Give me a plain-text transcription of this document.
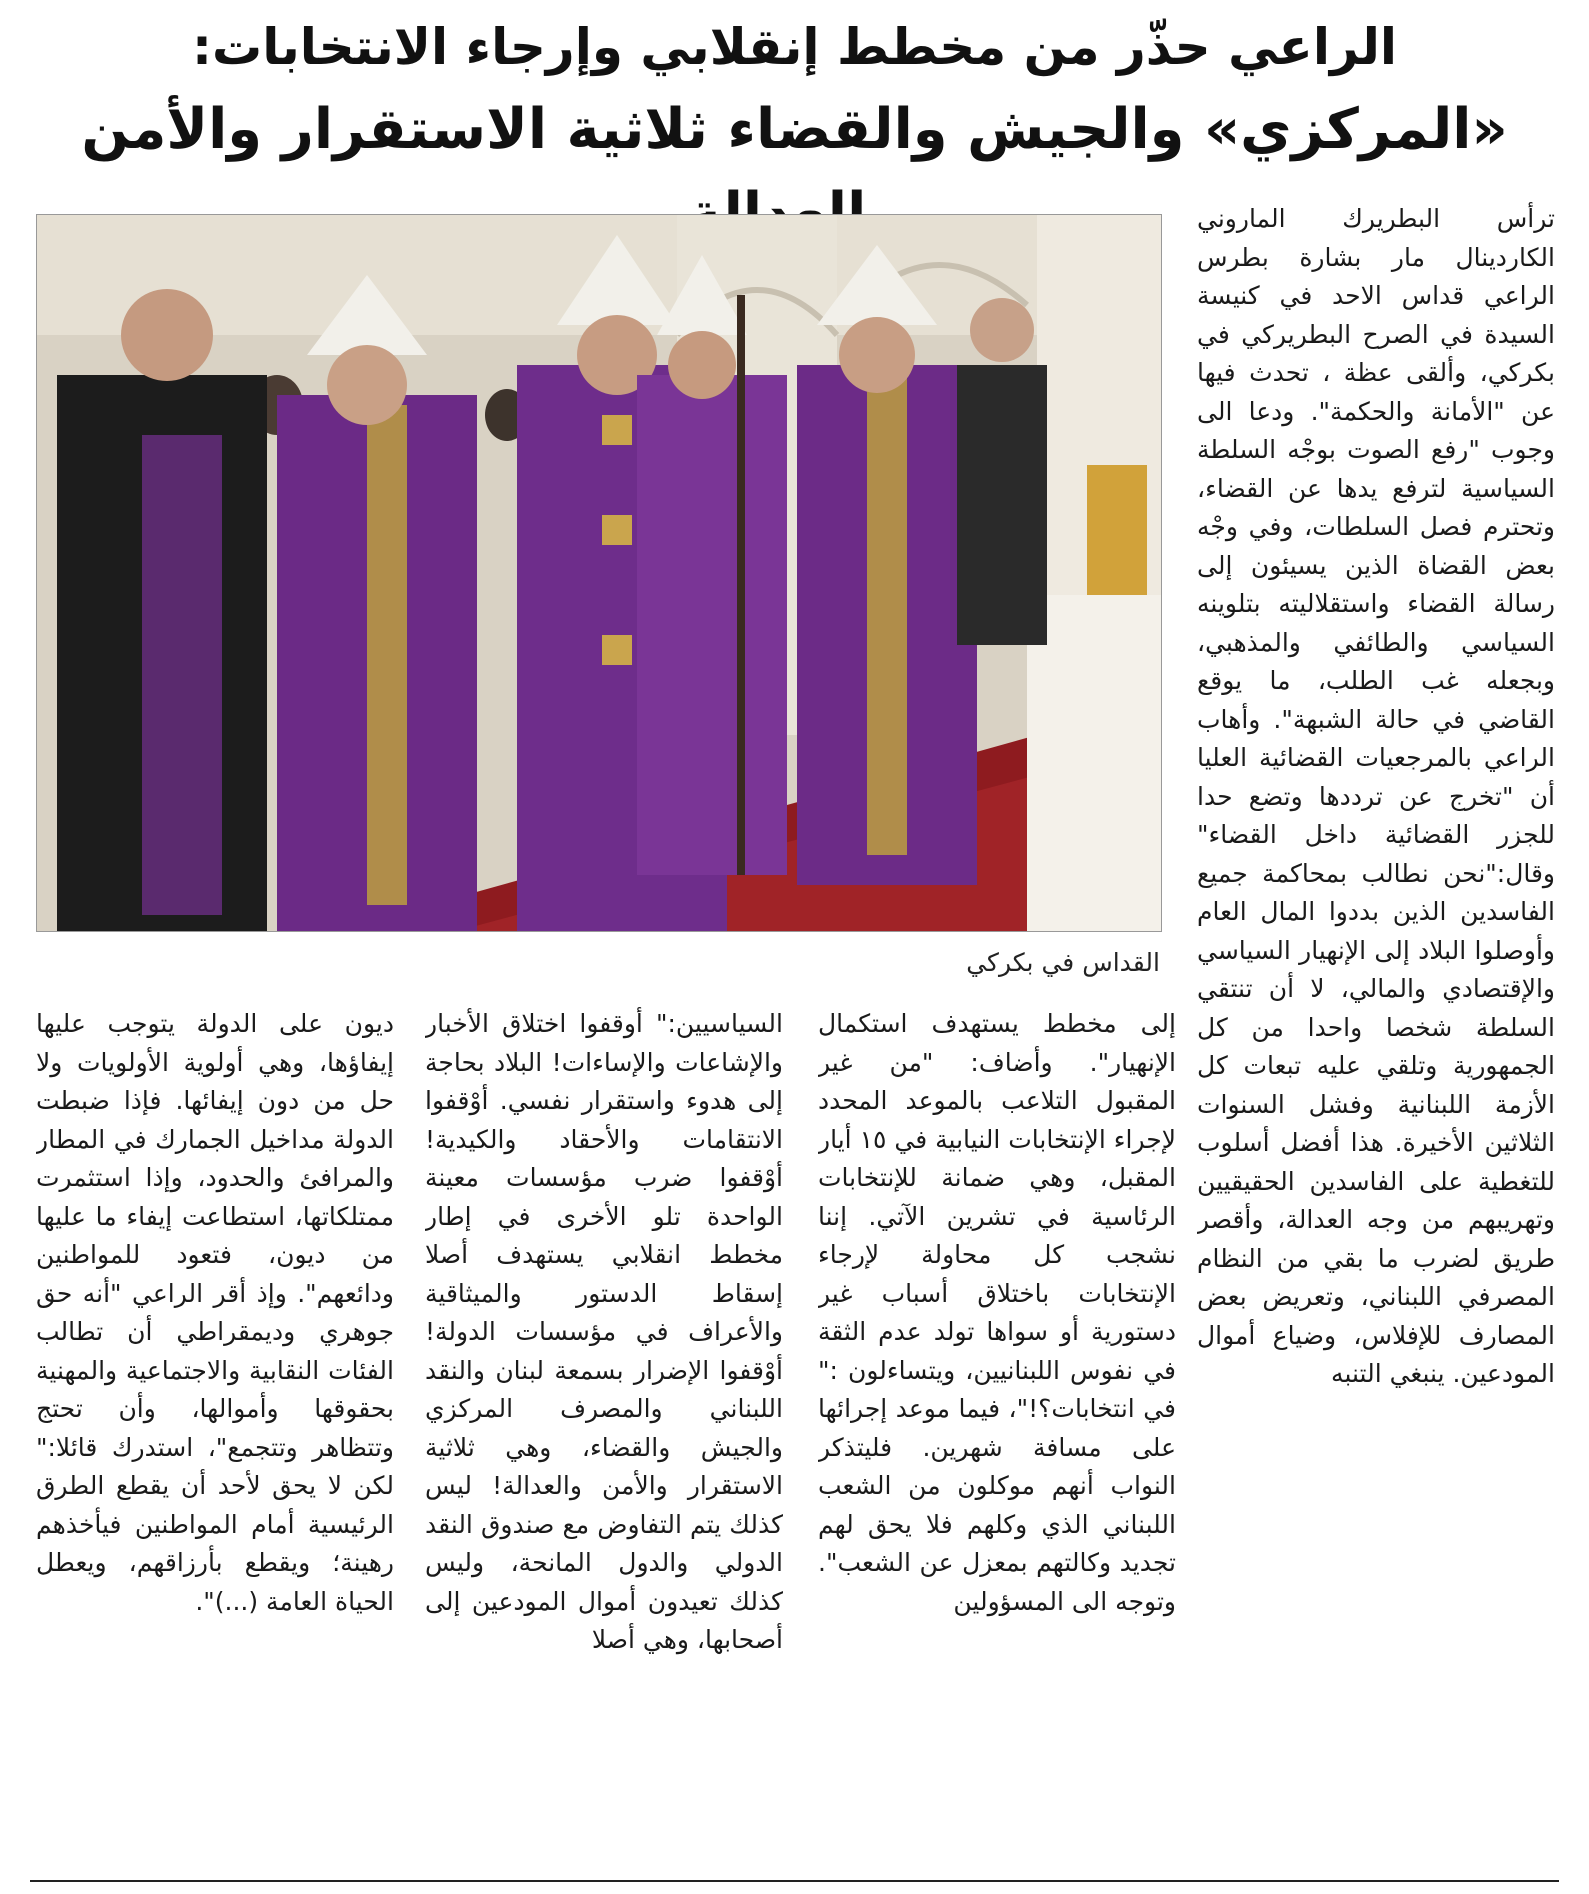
الراعي حذّر من مخطط إنقلابي وإرجاء الانتخابات:
«المركزي» والجيش والقضاء ثلاثية الاستقرار والأمن

ترأس البطريرك الماروني الكاردينال مار بشارة بطرس الراعي قداس الاحد في كنيسة السيدة في الصرح البطريركي في بكركي، وألقى عظة ، تحدث فيها عن "الأمانة والحكمة". ودعا الى وجوب "رفع الصوت بوجْه السلطة السياسية لترفع يدها عن القضاء، وتحترم فصل السلطات، وفي وجْه بعض القضاة الذين يسيئون إلى رسالة القضاء واستقلاليته بتلوينه السياسي والطائفي والمذهبي، وبجعله غب الطلب، ما يوقع القاضي في حالة الشبهة". وأهاب الراعي بالمرجعيات القضائية العليا أن "تخرج عن ترددها وتضع حدا للجزر القضائية داخل القضاء" وقال:"نحن نطالب بمحاكمة جميع الفاسدين الذين بددوا المال العام وأوصلوا البلاد إلى الإنهيار السياسي والإقتصادي والمالي، لا أن تنتقي السلطة شخصا واحدا من كل الجمهورية وتلقي عليه تبعات كل الأزمة اللبنانية وفشل السنوات الثلاثين الأخيرة. هذا أفضل أسلوب للتغطية على الفاسدين الحقيقيين وتهريبهم من وجه العدالة، وأقصر طريق لضرب ما بقي من النظام المصرفي اللبناني، وتعريض بعض المصارف للإفلاس، وضياع أموال المودعين. ينبغي التنبه

القداس في بكركي

إلى مخطط يستهدف استكمال الإنهيار". وأضاف: "من غير المقبول التلاعب بالموعد المحدد لإجراء الإنتخابات النيابية في ١٥ أيار المقبل، وهي ضمانة للإنتخابات الرئاسية في تشرين الآتي. إننا نشجب كل محاولة لإرجاء الإنتخابات باختلاق أسباب غير دستورية أو سواها تولد عدم الثقة في نفوس اللبنانيين، ويتساءلون :" في انتخابات؟!"، فيما موعد إجرائها على مسافة شهرين. فليتذكر النواب أنهم موكلون من الشعب اللبناني الذي وكلهم فلا يحق لهم تجديد وكالتهم بمعزل عن الشعب". وتوجه الى المسؤولين

السياسيين:" أوقفوا اختلاق الأخبار والإشاعات والإساءات! البلاد بحاجة إلى هدوء واستقرار نفسي. أوْقفوا الانتقامات والأحقاد والكيدية! أوْقفوا ضرب مؤسسات معينة الواحدة تلو الأخرى في إطار مخطط انقلابي يستهدف أصلا إسقاط الدستور والميثاقية والأعراف في مؤسسات الدولة! أوْقفوا الإضرار بسمعة لبنان والنقد اللبناني والمصرف المركزي والجيش والقضاء، وهي ثلاثية الاستقرار والأمن والعدالة! ليس كذلك يتم التفاوض مع صندوق النقد الدولي والدول المانحة، وليس كذلك تعيدون أموال المودعين إلى أصحابها، وهي أصلا

ديون على الدولة يتوجب عليها إيفاؤها، وهي أولوية الأولويات ولا حل من دون إيفائها. فإذا ضبطت الدولة مداخيل الجمارك في المطار والمرافئ والحدود، وإذا استثمرت ممتلكاتها، استطاعت إيفاء ما عليها من ديون، فتعود للمواطنين ودائعهم". وإذ أقر الراعي "أنه حق جوهري وديمقراطي أن تطالب الفئات النقابية والاجتماعية والمهنية بحقوقها وأموالها، وأن تحتج وتتظاهر وتتجمع"، استدرك قائلا:" لكن لا يحق لأحد أن يقطع الطرق الرئيسية أمام المواطنين فيأخذهم رهينة؛ ويقطع بأرزاقهم، ويعطل الحياة العامة (...)".
